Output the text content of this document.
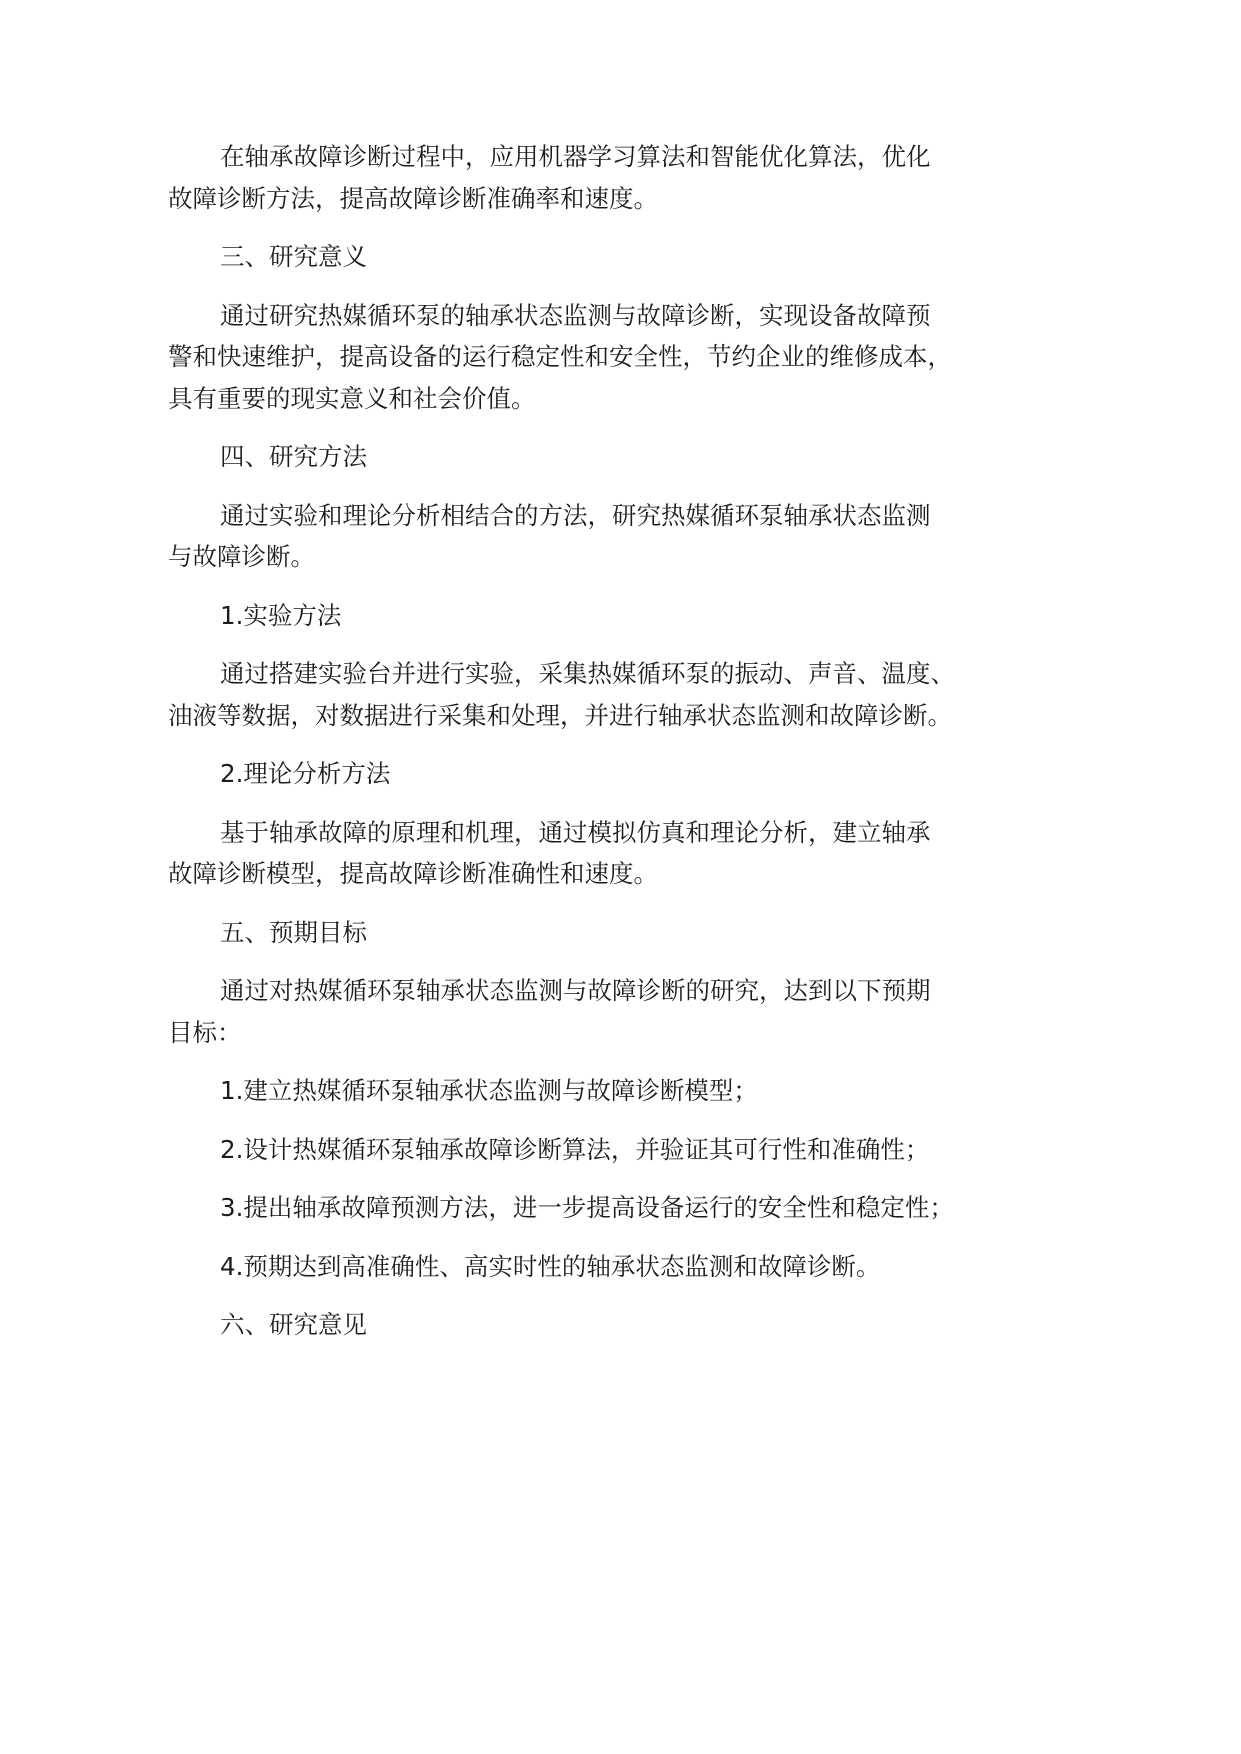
在轴承故障诊断过程中，应用机器学习算法和智能优化算法，优化
故障诊断方法，提高故障诊断准确率和速度。
三、研究意义
通过研究热媒循环泵的轴承状态监测与故障诊断，实现设备故障预
警和快速维护，提高设备的运行稳定性和安全性，节约企业的维修成本，
具有重要的现实意义和社会价值。
四、研究方法
通过实验和理论分析相结合的方法，研究热媒循环泵轴承状态监测
与故障诊断。
1.实验方法
通过搭建实验台并进行实验，采集热媒循环泵的振动、声音、温度、
油液等数据，对数据进行采集和处理，并进行轴承状态监测和故障诊断。
2.理论分析方法
基于轴承故障的原理和机理，通过模拟仿真和理论分析，建立轴承
故障诊断模型，提高故障诊断准确性和速度。
五、预期目标
通过对热媒循环泵轴承状态监测与故障诊断的研究，达到以下预期
目标：
1.建立热媒循环泵轴承状态监测与故障诊断模型；
2.设计热媒循环泵轴承故障诊断算法，并验证其可行性和准确性；
3.提出轴承故障预测方法，进一步提高设备运行的安全性和稳定性；
4.预期达到高准确性、高实时性的轴承状态监测和故障诊断。
六、研究意见
